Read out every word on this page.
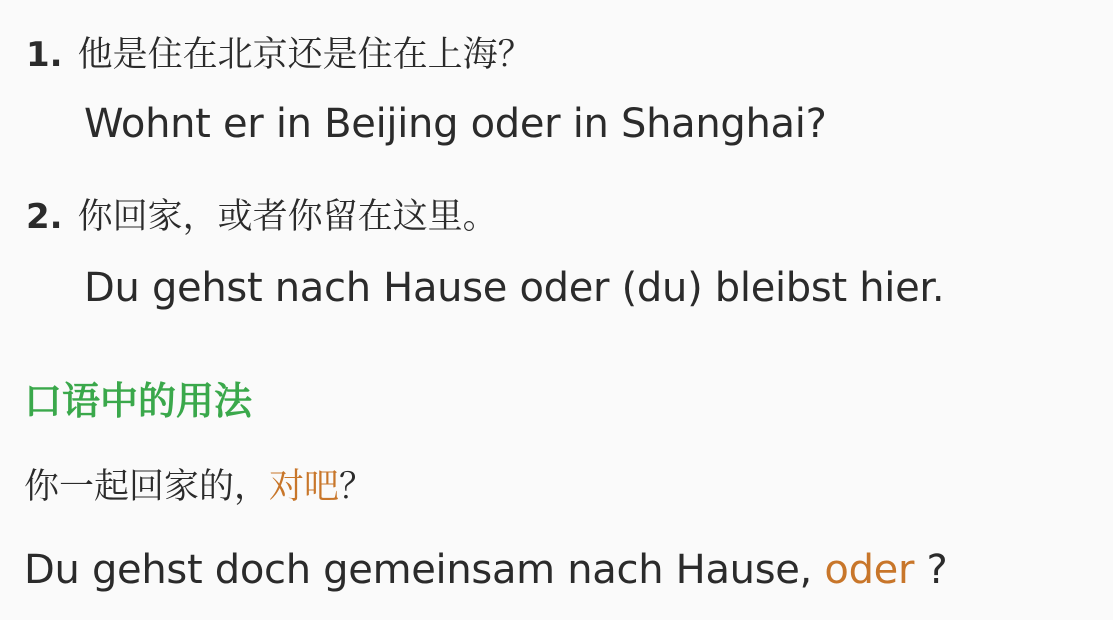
1. 他是住在北京还是住在上海？
Wohnt er in Beijing oder in Shanghai?
2. 你回家，或者你留在这里。
Du gehst nach Hause oder (du) bleibst hier.
口语中的用法
你一起回家的，对吧？
Du gehst doch gemeinsam nach Hause, oder ?
